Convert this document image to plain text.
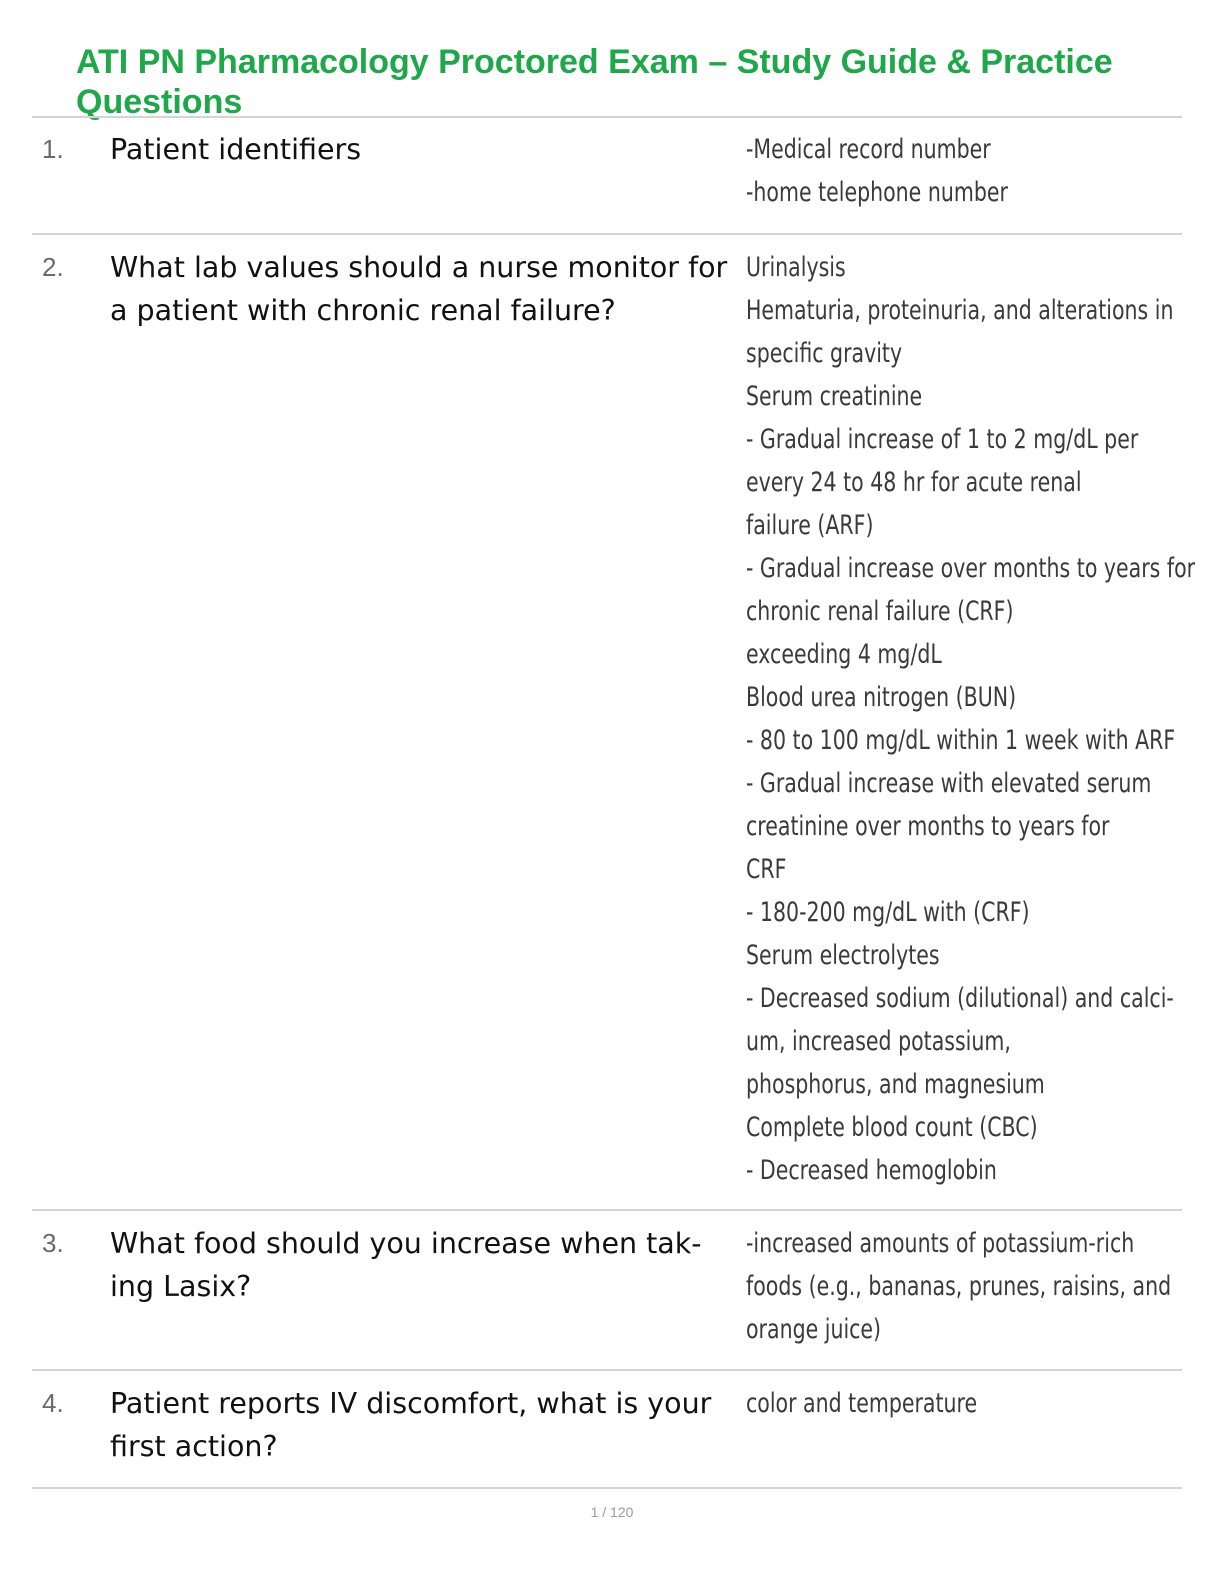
ATI PN Pharmacology Proctored Exam – Study Guide & Practice Questions
1. Patient identifiers	-Medical record number
-home telephone number
2. What lab values should a nurse monitor for a patient with chronic renal failure?
Urinalysis
Hematuria, proteinuria, and alterations in
specific gravity
Serum creatinine
- Gradual increase of 1 to 2 mg/dL per
every 24 to 48 hr for acute renal
failure (ARF)
- Gradual increase over months to years for
chronic renal failure (CRF)
exceeding 4 mg/dL
Blood urea nitrogen (BUN)
- 80 to 100 mg/dL within 1 week with ARF
- Gradual increase with elevated serum
creatinine over months to years for
CRF
- 180-200 mg/dL with (CRF)
Serum electrolytes
- Decreased sodium (dilutional) and calci-
um, increased potassium,
phosphorus, and magnesium
Complete blood count (CBC)
- Decreased hemoglobin
3. What food should you increase when tak- ing Lasix?
-increased amounts of potassium-rich
foods (e.g., bananas, prunes, raisins, and
orange juice)
4. Patient reports IV discomfort, what is your first action?
color and temperature
1 / 120
